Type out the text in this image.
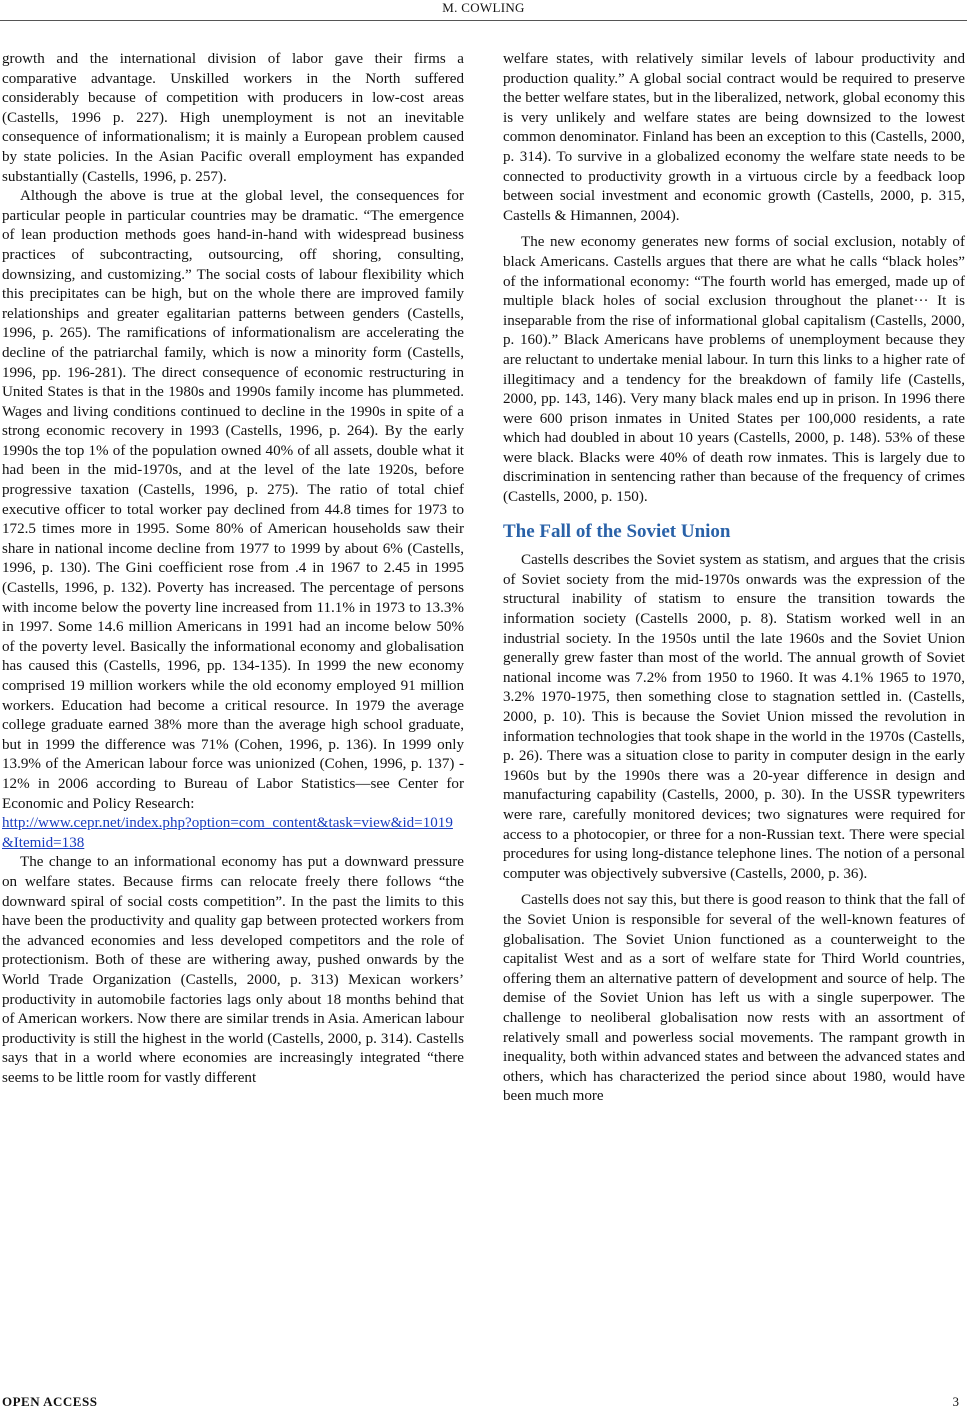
M. COWLING

growth and the international division of labor gave their firms a comparative advantage. Unskilled workers in the North suffered considerably because of competition with producers in low-cost areas (Castells, 1996 p. 227). High unemployment is not an inevitable consequence of informationalism; it is mainly a European problem caused by state policies. In the Asian Pacific overall employment has expanded substantially (Castells, 1996, p. 257).

Although the above is true at the global level, the consequences for particular people in particular countries may be dramatic. “The emergence of lean production methods goes hand-in-hand with widespread business practices of subcontracting, outsourcing, off shoring, consulting, downsizing, and customizing.” The social costs of labour flexibility which this precipitates can be high, but on the whole there are improved family relationships and greater egalitarian patterns between genders (Castells, 1996, p. 265). The ramifications of informationalism are accelerating the decline of the patriarchal family, which is now a minority form (Castells, 1996, pp. 196-281). The direct consequence of economic restructuring in United States is that in the 1980s and 1990s family income has plummeted. Wages and living conditions continued to decline in the 1990s in spite of a strong economic recovery in 1993 (Castells, 1996, p. 264). By the early 1990s the top 1% of the population owned 40% of all assets, double what it had been in the mid-1970s, and at the level of the late 1920s, before progressive taxation (Castells, 1996, p. 275). The ratio of total chief executive officer to total worker pay declined from 44.8 times for 1973 to 172.5 times more in 1995. Some 80% of American households saw their share in national income decline from 1977 to 1999 by about 6% (Castells, 1996, p. 130). The Gini coefficient rose from .4 in 1967 to 2.45 in 1995 (Castells, 1996, p. 132). Poverty has increased. The percentage of persons with income below the poverty line increased from 11.1% in 1973 to 13.3% in 1997. Some 14.6 million Americans in 1991 had an income below 50% of the poverty level. Basically the informational economy and globalisation has caused this (Castells, 1996, pp. 134-135). In 1999 the new economy comprised 19 million workers while the old economy employed 91 million workers. Education had become a critical resource. In 1979 the average college graduate earned 38% more than the average high school graduate, but in 1999 the difference was 71% (Cohen, 1996, p. 136). In 1999 only 13.9% of the American labour force was unionized (Cohen, 1996, p. 137) - 12% in 2006 according to Bureau of Labor Statistics—see Center for Economic and Policy Research:

http://www.cepr.net/index.php?option=com_content&task=view&id=1019&Itemid=138

The change to an informational economy has put a downward pressure on welfare states. Because firms can relocate freely there follows “the downward spiral of social costs competition”. In the past the limits to this have been the productivity and quality gap between protected workers from the advanced economies and less developed competitors and the role of protectionism. Both of these are withering away, pushed onwards by the World Trade Organization (Castells, 2000, p. 313) Mexican workers’ productivity in automobile factories lags only about 18 months behind that of American workers. Now there are similar trends in Asia. American labour productivity is still the highest in the world (Castells, 2000, p. 314). Castells says that in a world where economies are increasingly integrated “there seems to be little room for vastly different

welfare states, with relatively similar levels of labour productivity and production quality.” A global social contract would be required to preserve the better welfare states, but in the liberalized, network, global economy this is very unlikely and welfare states are being downsized to the lowest common denominator. Finland has been an exception to this (Castells, 2000, p. 314). To survive in a globalized economy the welfare state needs to be connected to productivity growth in a virtuous circle by a feedback loop between social investment and economic growth (Castells, 2000, p. 315, Castells & Himannen, 2004).

The new economy generates new forms of social exclusion, notably of black Americans. Castells argues that there are what he calls “black holes” of the informational economy: “The fourth world has emerged, made up of multiple black holes of social exclusion throughout the planet··· It is inseparable from the rise of informational global capitalism (Castells, 2000, p. 160).” Black Americans have problems of unemployment because they are reluctant to undertake menial labour. In turn this links to a higher rate of illegitimacy and a tendency for the breakdown of family life (Castells, 2000, pp. 143, 146). Very many black males end up in prison. In 1996 there were 600 prison inmates in United States per 100,000 residents, a rate which had doubled in about 10 years (Castells, 2000, p. 148). 53% of these were black. Blacks were 40% of death row inmates. This is largely due to discrimination in sentencing rather than because of the frequency of crimes (Castells, 2000, p. 150).

The Fall of the Soviet Union

Castells describes the Soviet system as statism, and argues that the crisis of Soviet society from the mid-1970s onwards was the expression of the structural inability of statism to ensure the transition towards the information society (Castells 2000, p. 8). Statism worked well in an industrial society. In the 1950s until the late 1960s and the Soviet Union generally grew faster than most of the world. The annual growth of Soviet national income was 7.2% from 1950 to 1960. It was 4.1% 1965 to 1970, 3.2% 1970-1975, then something close to stagnation settled in. (Castells, 2000, p. 10). This is because the Soviet Union missed the revolution in information technologies that took shape in the world in the 1970s (Castells, p. 26). There was a situation close to parity in computer design in the early 1960s but by the 1990s there was a 20-year difference in design and manufacturing capability (Castells, 2000, p. 30). In the USSR typewriters were rare, carefully monitored devices; two signatures were required for access to a photocopier, or three for a non-Russian text. There were special procedures for using long-distance telephone lines. The notion of a personal computer was objectively subversive (Castells, 2000, p. 36).

Castells does not say this, but there is good reason to think that the fall of the Soviet Union is responsible for several of the well-known features of globalisation. The Soviet Union functioned as a counterweight to the capitalist West and as a sort of welfare state for Third World countries, offering them an alternative pattern of development and source of help. The demise of the Soviet Union has left us with a single superpower. The challenge to neoliberal globalisation now rests with an assortment of relatively small and powerless social movements. The rampant growth in inequality, both within advanced states and between the advanced states and others, which has characterized the period since about 1980, would have been much more

OPEN ACCESS	3
